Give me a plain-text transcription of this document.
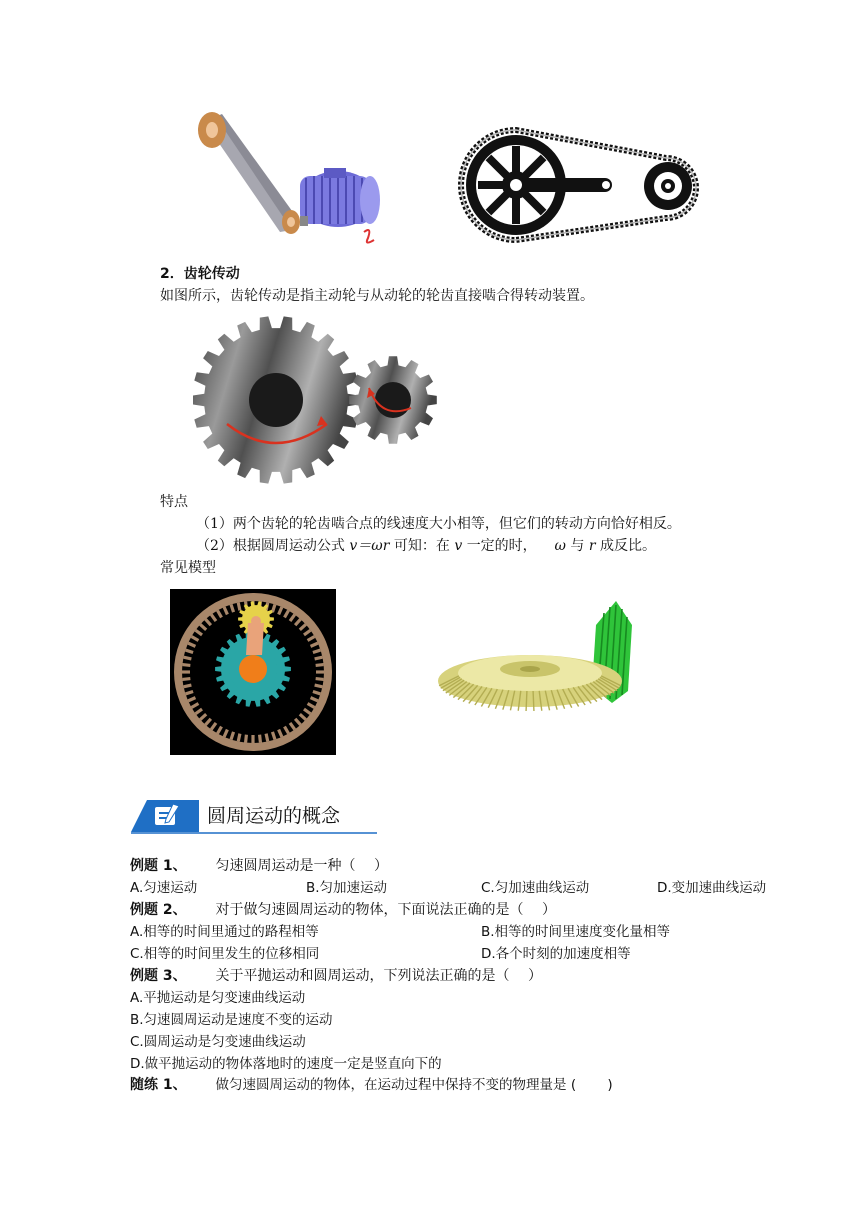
2．齿轮传动
如图所示，齿轮传动是指主动轮与从动轮的轮齿直接啮合得转动装置。
特点
（1）两个齿轮的轮齿啮合点的线速度大小相等，但它们的转动方向恰好相反。
（2）根据圆周运动公式 v＝ωr 可知：在 v 一定的时， ω 与 r 成反比。
常见模型
圆周运动的概念
例题 1、 匀速圆周运动是一种（　 ）
A.匀速运动	B.匀加速运动	C.匀加速曲线运动	D.变加速曲线运动
例题 2、 对于做匀速圆周运动的物体，下面说法正确的是（　 ）
A.相等的时间里通过的路程相等	B.相等的时间里速度变化量相等
C.相等的时间里发生的位移相同	D.各个时刻的加速度相等
例题 3、 关于平抛运动和圆周运动，下列说法正确的是（　 ）
A.平抛运动是匀变速曲线运动
B.匀速圆周运动是速度不变的运动
C.圆周运动是匀变速曲线运动
D.做平抛运动的物体落地时的速度一定是竖直向下的
随练 1、 做匀速圆周运动的物体，在运动过程中保持不变的物理量是 (　 　)
